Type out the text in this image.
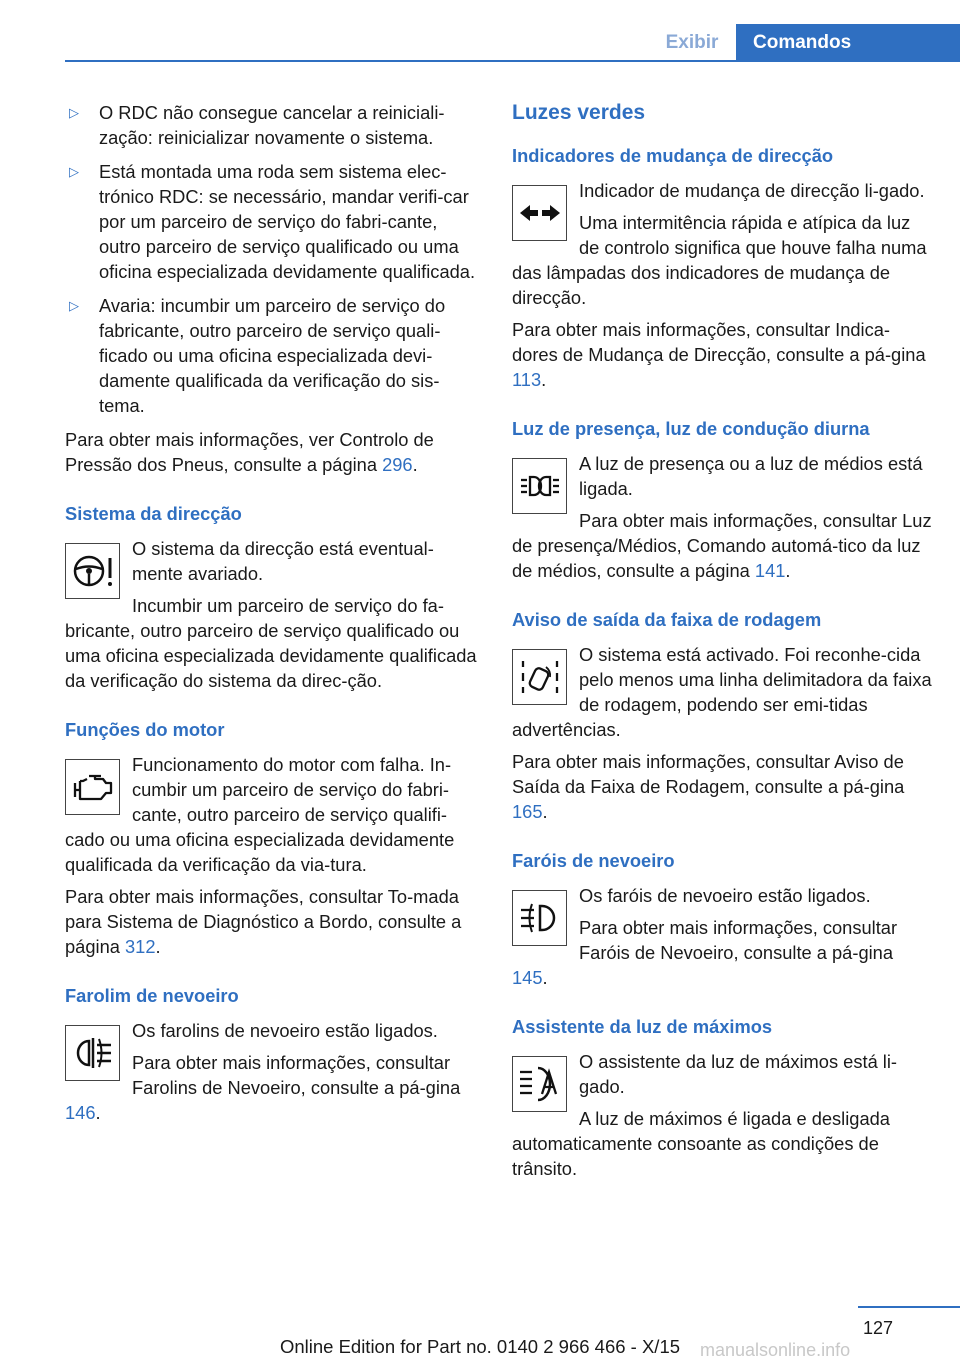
Exibir	Comandos
▷ O RDC não consegue cancelar a reiniciali‐zação: reinicializar novamente o sistema.
▷ Está montada uma roda sem sistema elec‐trónico RDC: se necessário, mandar verifi‐car por um parceiro de serviço do fabri‐cante, outro parceiro de serviço qualificado ou uma oficina especializada devidamente qualificada.
▷ Avaria: incumbir um parceiro de serviço do fabricante, outro parceiro de serviço quali‐ficado ou uma oficina especializada devi‐damente qualificada da verificação do sis‐tema.

Para obter mais informações, ver Controlo de Pressão dos Pneus, consulte a página 296.

Sistema da direcção

O sistema da direcção está eventual‐mente avariado.

Incumbir um parceiro de serviço do fa‐bricante, outro parceiro de serviço qualificado ou uma oficina especializada devidamente qualificada da verificação do sistema da direc‐ção.

Funções do motor

Funcionamento do motor com falha. In‐cumbir um parceiro de serviço do fabri‐cante, outro parceiro de serviço qualifi‐cado ou uma oficina especializada devidamente qualificada da verificação da via‐tura.

Para obter mais informações, consultar To‐mada para Sistema de Diagnóstico a Bordo, consulte a página 312.

Farolim de nevoeiro

Os farolins de nevoeiro estão ligados.

Para obter mais informações, consultar Farolins de Nevoeiro, consulte a pá‐gina 146.

Luzes verdes
Indicadores de mudança de direcção

Indicador de mudança de direcção li‐gado.

Uma intermitência rápida e atípica da luz de controlo significa que houve falha numa das lâmpadas dos indicadores de mudança de direcção.

Para obter mais informações, consultar Indica‐dores de Mudança de Direcção, consulte a pá‐gina 113.

Luz de presença, luz de condução diurna

A luz de presença ou a luz de médios está ligada.

Para obter mais informações, consultar Luz de presença/Médios, Comando automá‐tico da luz de médios, consulte a página 141.

Aviso de saída da faixa de rodagem

O sistema está activado. Foi reconhe‐cida pelo menos uma linha delimitadora da faixa de rodagem, podendo ser emi‐tidas advertências.

Para obter mais informações, consultar Aviso de Saída da Faixa de Rodagem, consulte a pá‐gina 165.

Faróis de nevoeiro

Os faróis de nevoeiro estão ligados.

Para obter mais informações, consultar Faróis de Nevoeiro, consulte a pá‐gina 145.

Assistente da luz de máximos

O assistente da luz de máximos está li‐gado.

A luz de máximos é ligada e desligada automaticamente consoante as condições de trânsito.

127
Online Edition for Part no. 0140 2 966 466 - X/15	manualsonline.info
